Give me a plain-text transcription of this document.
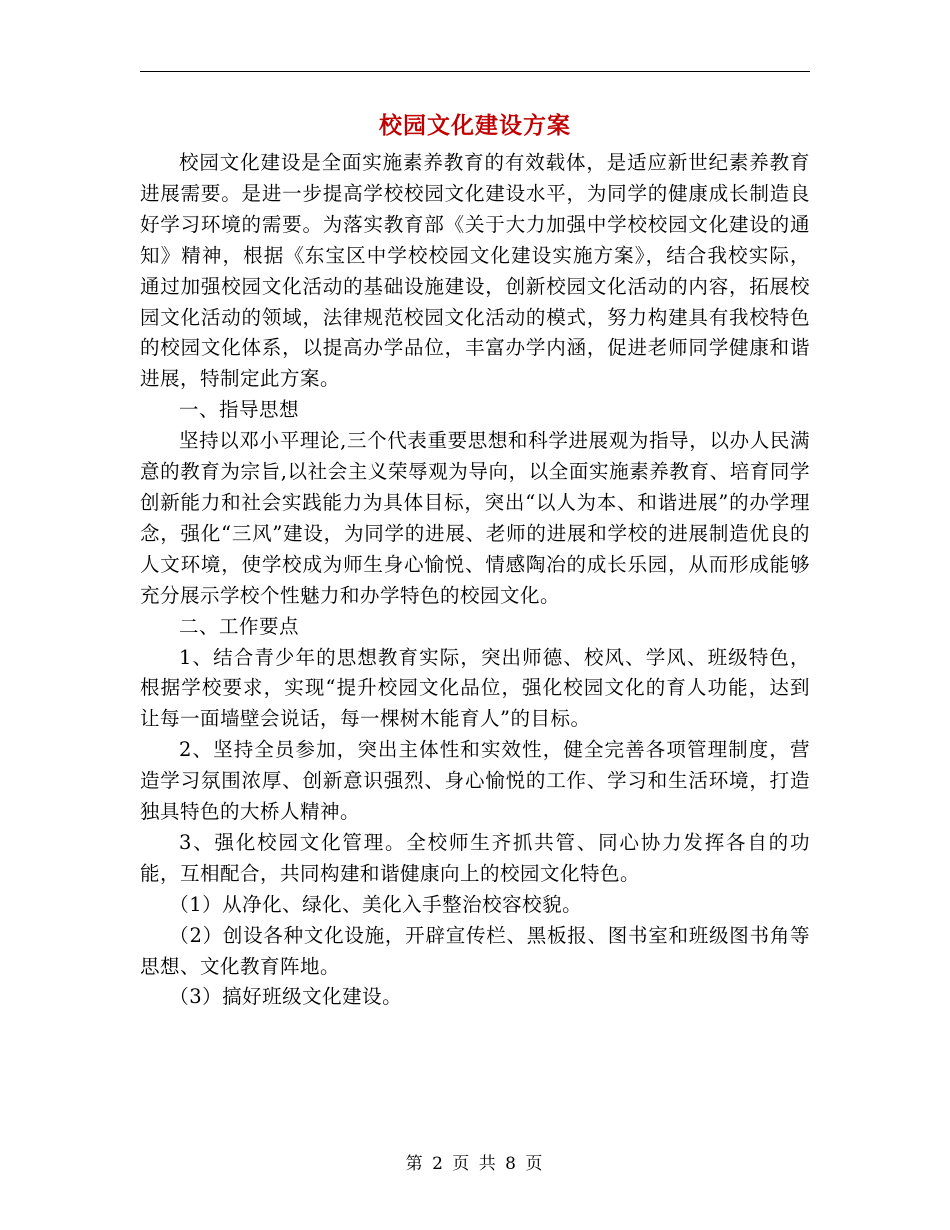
校园文化建设方案

校园文化建设是全面实施素养教育的有效载体，是适应新世纪素养教育进展需要。是进一步提高学校校园文化建设水平，为同学的健康成长制造良好学习环境的需要。为落实教育部《关于大力加强中学校校园文化建设的通知》精神，根据《东宝区中学校校园文化建设实施方案》，结合我校实际，通过加强校园文化活动的基础设施建设，创新校园文化活动的内容，拓展校园文化活动的领域，法律规范校园文化活动的模式，努力构建具有我校特色的校园文化体系，以提高办学品位，丰富办学内涵，促进老师同学健康和谐进展，特制定此方案。

一、指导思想

坚持以邓小平理论,三个代表重要思想和科学进展观为指导，以办人民满意的教育为宗旨,以社会主义荣辱观为导向，以全面实施素养教育、培育同学创新能力和社会实践能力为具体目标，突出“以人为本、和谐进展”的办学理念，强化“三风”建设，为同学的进展、老师的进展和学校的进展制造优良的人文环境，使学校成为师生身心愉悦、情感陶冶的成长乐园，从而形成能够充分展示学校个性魅力和办学特色的校园文化。

二、工作要点

1、结合青少年的思想教育实际，突出师德、校风、学风、班级特色，根据学校要求，实现“提升校园文化品位，强化校园文化的育人功能，达到让每一面墙壁会说话，每一棵树木能育人”的目标。

2、坚持全员参加，突出主体性和实效性，健全完善各项管理制度，营造学习氛围浓厚、创新意识强烈、身心愉悦的工作、学习和生活环境，打造独具特色的大桥人精神。

3、强化校园文化管理。全校师生齐抓共管、同心协力发挥各自的功能，互相配合，共同构建和谐健康向上的校园文化特色。

（1）从净化、绿化、美化入手整治校容校貌。

（2）创设各种文化设施，开辟宣传栏、黑板报、图书室和班级图书角等思想、文化教育阵地。

（3）搞好班级文化建设。

第 2 页 共 8 页
